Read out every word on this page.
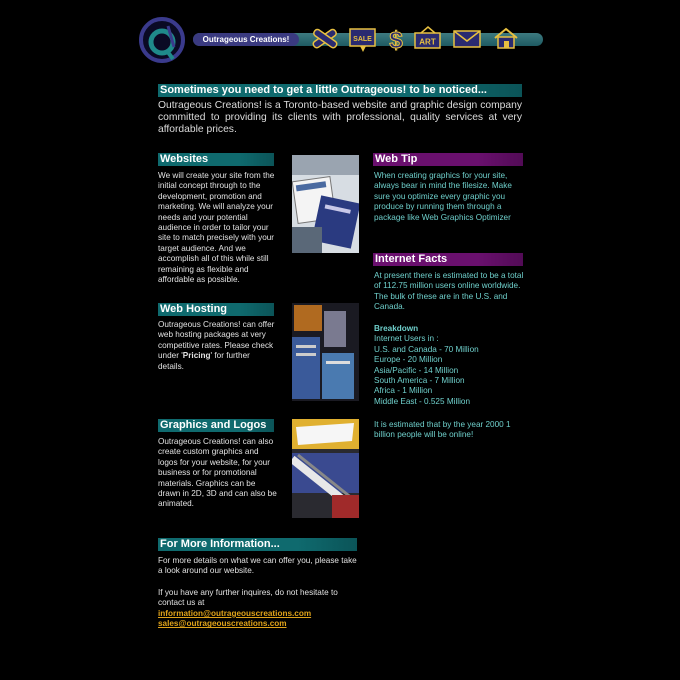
Outrageous Creations!	SALE $ ART
Sometimes you need to get a little Outrageous! to be noticed...
Outrageous Creations! is a Toronto-based website and graphic design company committed to providing its clients with professional, quality services at very affordable prices.
Websites
We will create your site from the initial concept through to the development, promotion and marketing. We will analyze your needs and your potential audience in order to tailor your site to match precisely with your target audience. And we accomplish all of this while still remaining as flexible and affordable as possible.
Web Hosting
Outrageous Creations! can offer web hosting packages at very competitive rates. Please check under 'Pricing' for further details.
Graphics and Logos
Outrageous Creations! can also create custom graphics and logos for your website, for your business or for promotional materials. Graphics can be drawn in 2D, 3D and can also be animated.
For More Information...
For more details on what we can offer you, please take a look around our website.
If you have any further inquires, do not hesitate to contact us at
information@outrageouscreations.com
sales@outrageouscreations.com
Web Tip
When creating graphics for your site, always bear in mind the filesize. Make sure you optimize every graphic you produce by running them through a package like Web Graphics Optimizer
Internet Facts
At present there is estimated to be a total of 112.75 million users online worldwide. The bulk of these are in the U.S. and Canada.
Breakdown
Internet Users in :
U.S. and Canada - 70 Million
Europe - 20 Million
Asia/Pacific - 14 Million
South America - 7 Million
Africa - 1 Million
Middle East - 0.525 Million
It is estimated that by the year 2000 1 billion people will be online!
